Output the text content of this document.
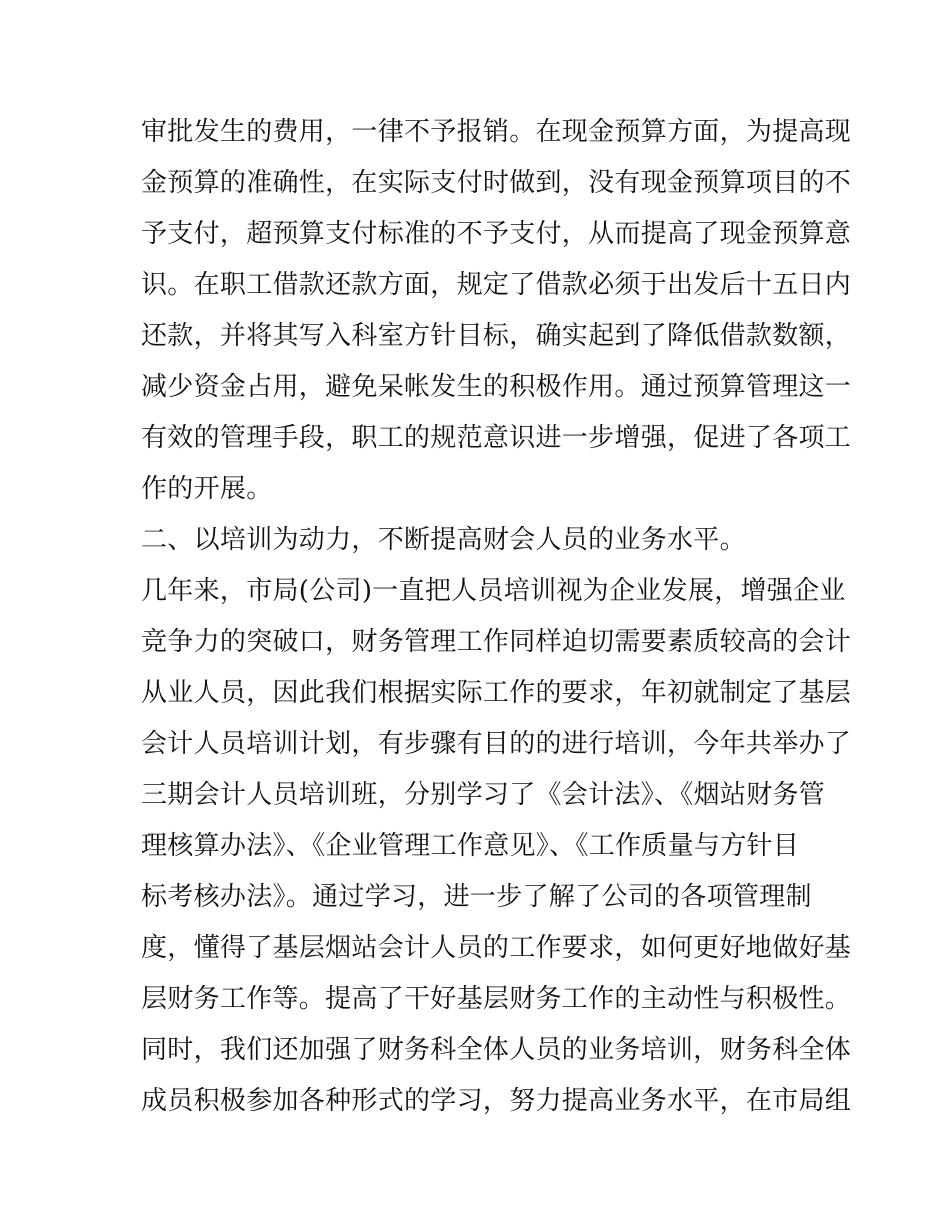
审批发生的费用，一律不予报销。在现金预算方面，为提高现
金预算的准确性，在实际支付时做到，没有现金预算项目的不
予支付，超预算支付标准的不予支付，从而提高了现金预算意
识。在职工借款还款方面，规定了借款必须于出发后十五日内
还款，并将其写入科室方针目标，确实起到了降低借款数额，
减少资金占用，避免呆帐发生的积极作用。通过预算管理这一
有效的管理手段，职工的规范意识进一步增强，促进了各项工
作的开展。
二、以培训为动力，不断提高财会人员的业务水平。
几年来，市局(公司)一直把人员培训视为企业发展，增强企业
竞争力的突破口，财务管理工作同样迫切需要素质较高的会计
从业人员，因此我们根据实际工作的要求，年初就制定了基层
会计人员培训计划，有步骤有目的的进行培训，今年共举办了
三期会计人员培训班，分别学习了《会计法》、《烟站财务管
理核算办法》、《企业管理工作意见》、《工作质量与方针目
标考核办法》。通过学习，进一步了解了公司的各项管理制
度，懂得了基层烟站会计人员的工作要求，如何更好地做好基
层财务工作等。提高了干好基层财务工作的主动性与积极性。
同时，我们还加强了财务科全体人员的业务培训，财务科全体
成员积极参加各种形式的学习，努力提高业务水平，在市局组
